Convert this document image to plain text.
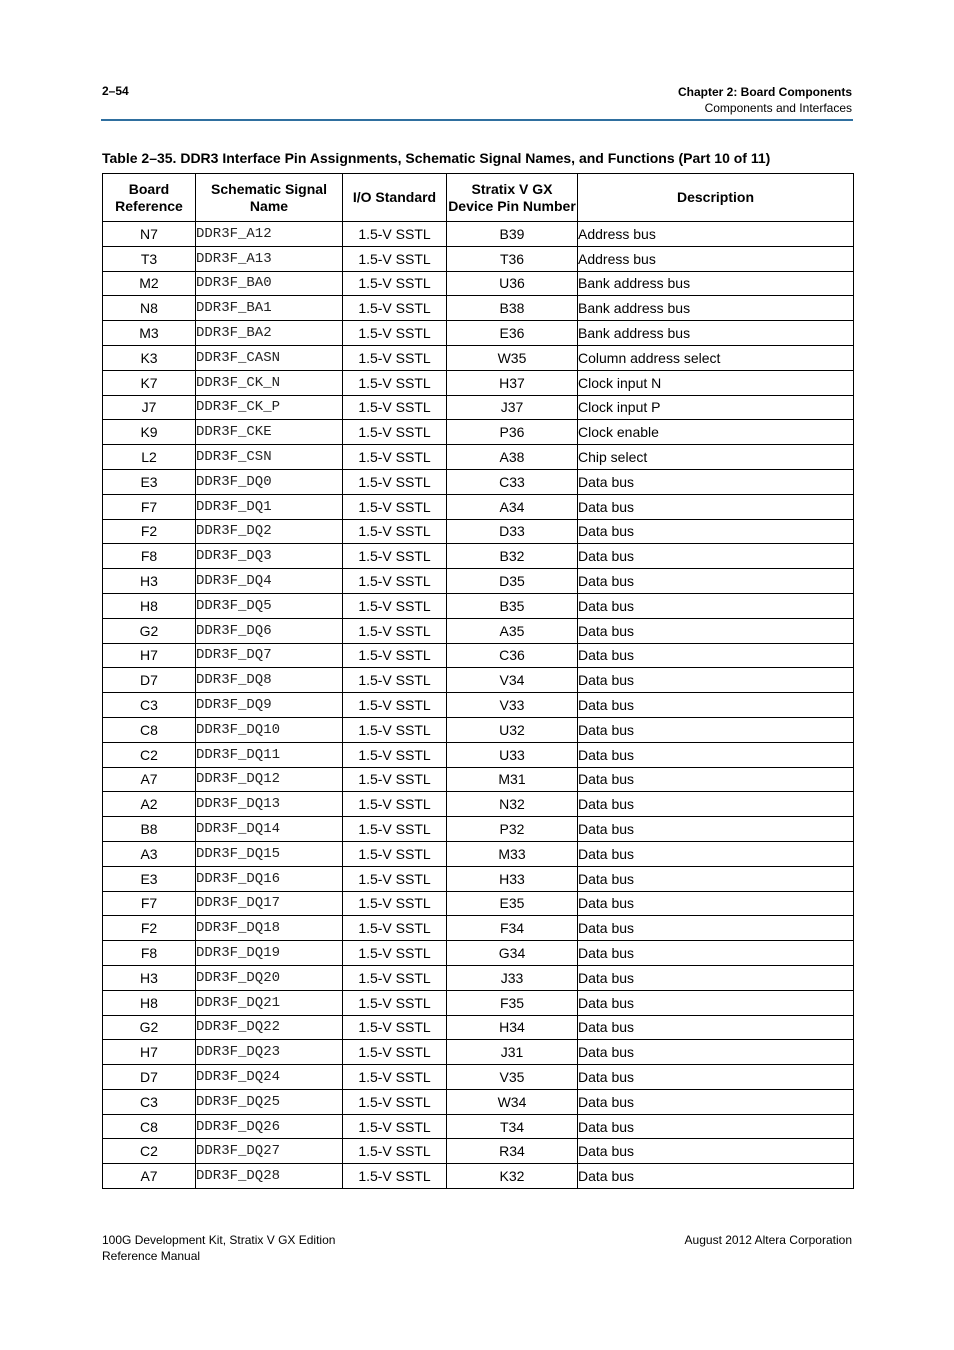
2–54	Chapter 2: Board Components
Components and Interfaces
Table 2–35. DDR3 Interface Pin Assignments, Schematic Signal Names, and Functions (Part 10 of 11)
Board
Reference	Schematic Signal
Name	I/O Standard	Stratix V GX
Device Pin Number	Description
N7	DDR3F_A12	1.5-V SSTL	B39	Address bus
T3	DDR3F_A13	1.5-V SSTL	T36	Address bus
M2	DDR3F_BA0	1.5-V SSTL	U36	Bank address bus
N8	DDR3F_BA1	1.5-V SSTL	B38	Bank address bus
M3	DDR3F_BA2	1.5-V SSTL	E36	Bank address bus
K3	DDR3F_CASN	1.5-V SSTL	W35	Column address select
K7	DDR3F_CK_N	1.5-V SSTL	H37	Clock input N
J7	DDR3F_CK_P	1.5-V SSTL	J37	Clock input P
K9	DDR3F_CKE	1.5-V SSTL	P36	Clock enable
L2	DDR3F_CSN	1.5-V SSTL	A38	Chip select
E3	DDR3F_DQ0	1.5-V SSTL	C33	Data bus
F7	DDR3F_DQ1	1.5-V SSTL	A34	Data bus
F2	DDR3F_DQ2	1.5-V SSTL	D33	Data bus
F8	DDR3F_DQ3	1.5-V SSTL	B32	Data bus
H3	DDR3F_DQ4	1.5-V SSTL	D35	Data bus
H8	DDR3F_DQ5	1.5-V SSTL	B35	Data bus
G2	DDR3F_DQ6	1.5-V SSTL	A35	Data bus
H7	DDR3F_DQ7	1.5-V SSTL	C36	Data bus
D7	DDR3F_DQ8	1.5-V SSTL	V34	Data bus
C3	DDR3F_DQ9	1.5-V SSTL	V33	Data bus
C8	DDR3F_DQ10	1.5-V SSTL	U32	Data bus
C2	DDR3F_DQ11	1.5-V SSTL	U33	Data bus
A7	DDR3F_DQ12	1.5-V SSTL	M31	Data bus
A2	DDR3F_DQ13	1.5-V SSTL	N32	Data bus
B8	DDR3F_DQ14	1.5-V SSTL	P32	Data bus
A3	DDR3F_DQ15	1.5-V SSTL	M33	Data bus
E3	DDR3F_DQ16	1.5-V SSTL	H33	Data bus
F7	DDR3F_DQ17	1.5-V SSTL	E35	Data bus
F2	DDR3F_DQ18	1.5-V SSTL	F34	Data bus
F8	DDR3F_DQ19	1.5-V SSTL	G34	Data bus
H3	DDR3F_DQ20	1.5-V SSTL	J33	Data bus
H8	DDR3F_DQ21	1.5-V SSTL	F35	Data bus
G2	DDR3F_DQ22	1.5-V SSTL	H34	Data bus
H7	DDR3F_DQ23	1.5-V SSTL	J31	Data bus
D7	DDR3F_DQ24	1.5-V SSTL	V35	Data bus
C3	DDR3F_DQ25	1.5-V SSTL	W34	Data bus
C8	DDR3F_DQ26	1.5-V SSTL	T34	Data bus
C2	DDR3F_DQ27	1.5-V SSTL	R34	Data bus
A7	DDR3F_DQ28	1.5-V SSTL	K32	Data bus
100G Development Kit, Stratix V GX Edition
Reference Manual
August 2012 Altera Corporation
